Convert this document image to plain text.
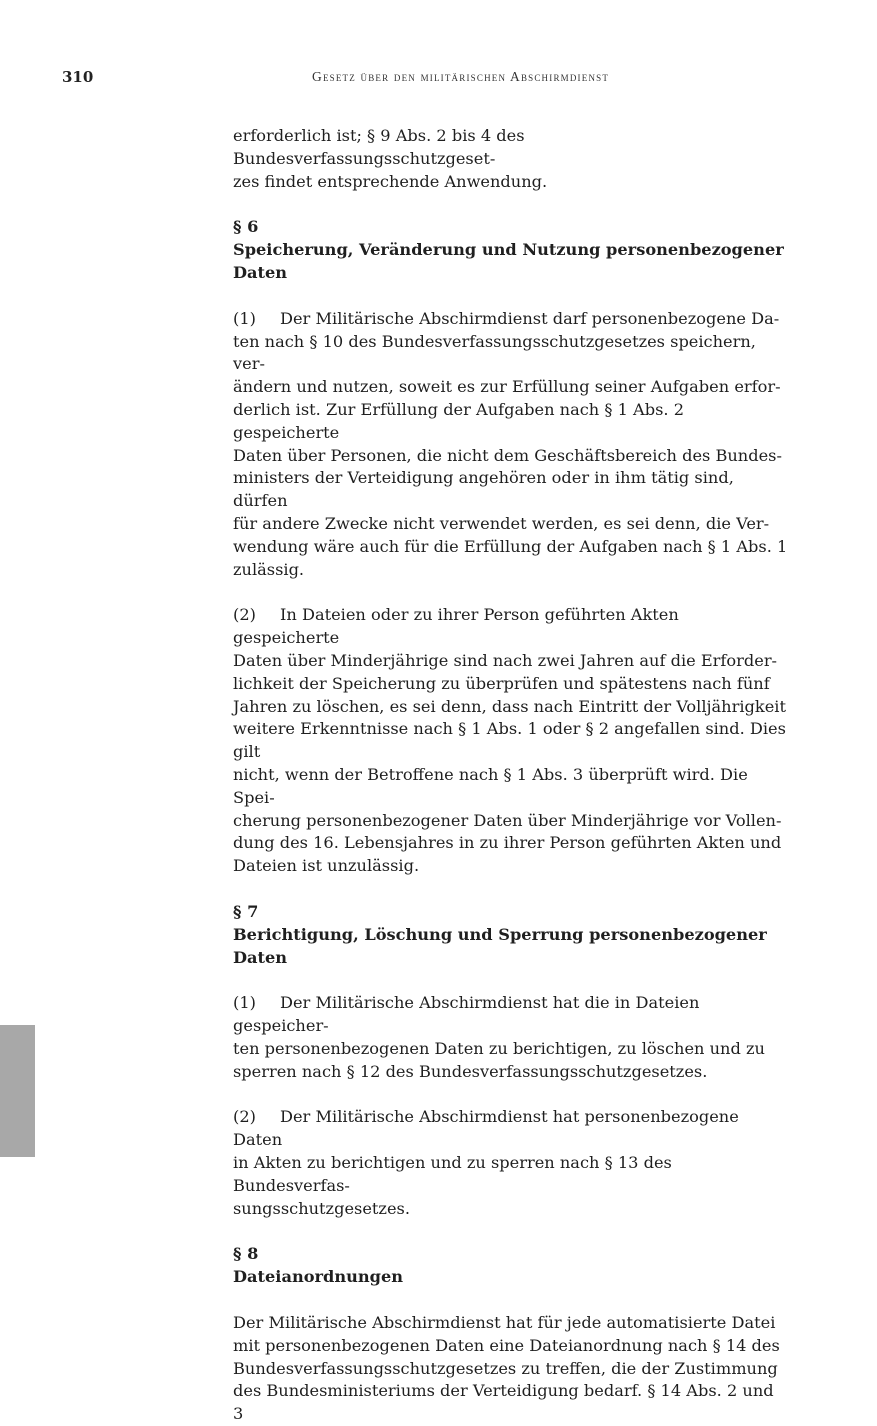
310	Gesetz über den militärischen Abschirmdienst

erforderlich ist; § 9 Abs. 2 bis 4 des Bundesverfassungsschutzgeset-
zes findet entsprechende Anwendung.

§ 6

Speicherung, Veränderung und Nutzung personenbezogener
Daten

(1) Der Militärische Abschirmdienst darf personenbezogene Da-
ten nach § 10 des Bundesverfassungsschutzgesetzes speichern, ver-
ändern und nutzen, soweit es zur Erfüllung seiner Aufgaben erfor-
derlich ist. Zur Erfüllung der Aufgaben nach § 1 Abs. 2 gespeicherte
Daten über Personen, die nicht dem Geschäftsbereich des Bundes-
ministers der Verteidigung angehören oder in ihm tätig sind, dürfen
für andere Zwecke nicht verwendet werden, es sei denn, die Ver-
wendung wäre auch für die Erfüllung der Aufgaben nach § 1 Abs. 1
zulässig.

(2) In Dateien oder zu ihrer Person geführten Akten gespeicherte
Daten über Minderjährige sind nach zwei Jahren auf die Erforder-
lichkeit der Speicherung zu überprüfen und spätestens nach fünf
Jahren zu löschen, es sei denn, dass nach Eintritt der Volljährigkeit
weitere Erkenntnisse nach § 1 Abs. 1 oder § 2 angefallen sind. Dies gilt
nicht, wenn der Betroffene nach § 1 Abs. 3 überprüft wird. Die Spei-
cherung personenbezogener Daten über Minderjährige vor Vollen-
dung des 16. Lebensjahres in zu ihrer Person geführten Akten und
Dateien ist unzulässig.

§ 7

Berichtigung, Löschung und Sperrung personenbezogener
Daten

(1) Der Militärische Abschirmdienst hat die in Dateien gespeicher-
ten personenbezogenen Daten zu berichtigen, zu löschen und zu
sperren nach § 12 des Bundesverfassungsschutzgesetzes.

(2) Der Militärische Abschirmdienst hat personenbezogene Daten
in Akten zu berichtigen und zu sperren nach § 13 des Bundesverfas-
sungsschutzgesetzes.

§ 8

Dateianordnungen

Der Militärische Abschirmdienst hat für jede automatisierte Datei
mit personenbezogenen Daten eine Dateianordnung nach § 14 des
Bundesverfassungsschutzgesetzes zu treffen, die der Zustimmung
des Bundesministeriums der Verteidigung bedarf. § 14 Abs. 2 und 3
